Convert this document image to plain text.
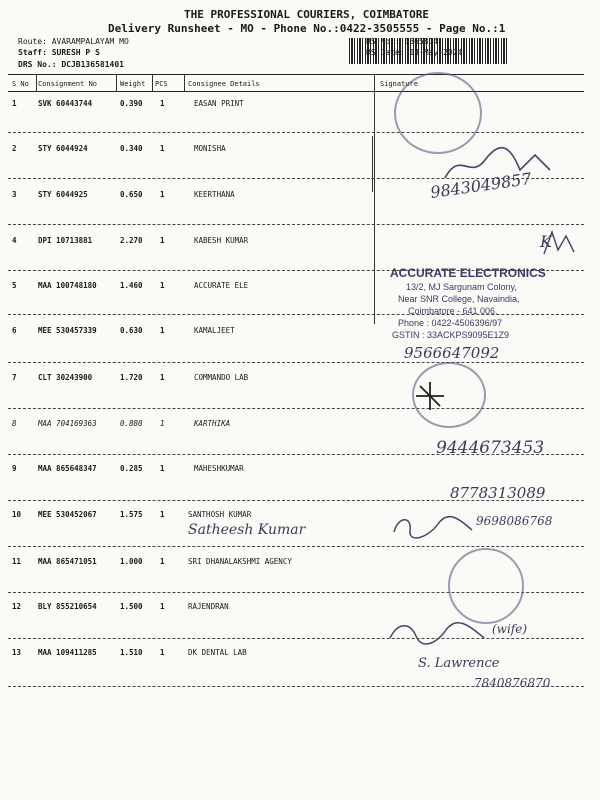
THE PROFESSIONAL COURIERS, COIMBATORE
Delivery Runsheet - MO - Phone No.:0422-3505555 - Page No.:1
Route: AVARAMPALAYAM MO
Staff: SURESH P S
DRS No.: DCJB136581401
RS No.: 1365814
RS Date: 13-May-2024
S No Consignment No	Weight PCS	Consignee Details	Signature
1	SVK 60443744	0.390 1	EASAN PRINT
2	STY 6044924	0.340 1	MONISHA
3	STY 6044925	0.650 1	KEERTHANA
4	DPI 10713881	2.270 1	KABESH KUMAR
5	MAA 100748180	1.460 1	ACCURATE ELE
6	MEE 530457339	0.630 1	KAMALJEET
7	CLT 30243900	1.720 1	COMMANDO LAB
8	MAA 704169363	0.880 1	KARTHIKA
9	MAA 865648347	0.285 1	MAHESHKUMAR
10 MEE 530452067	1.575 1	SANTHOSH KUMAR
11 MAA 865471051	1.000 1	SRI DHANALAKSHMI AGENCY
12 BLY 855210654	1.500 1	RAJENDRAN
13 MAA 109411285	1.510 1	DK DENTAL LAB
9843049857
K
ACCURATE ELECTRONICS
13/2, MJ Sargunam Colony,
Near SNR College, Navaindia,
Coimbatore - 641 006.
Phone : 0422-4506396/97
GSTIN : 33ACKPS9095E1Z9
9566647092
9444673453
8778313089
Satheesh Kumar
9698086768
(wife)
S. Lawrence
7840876870
